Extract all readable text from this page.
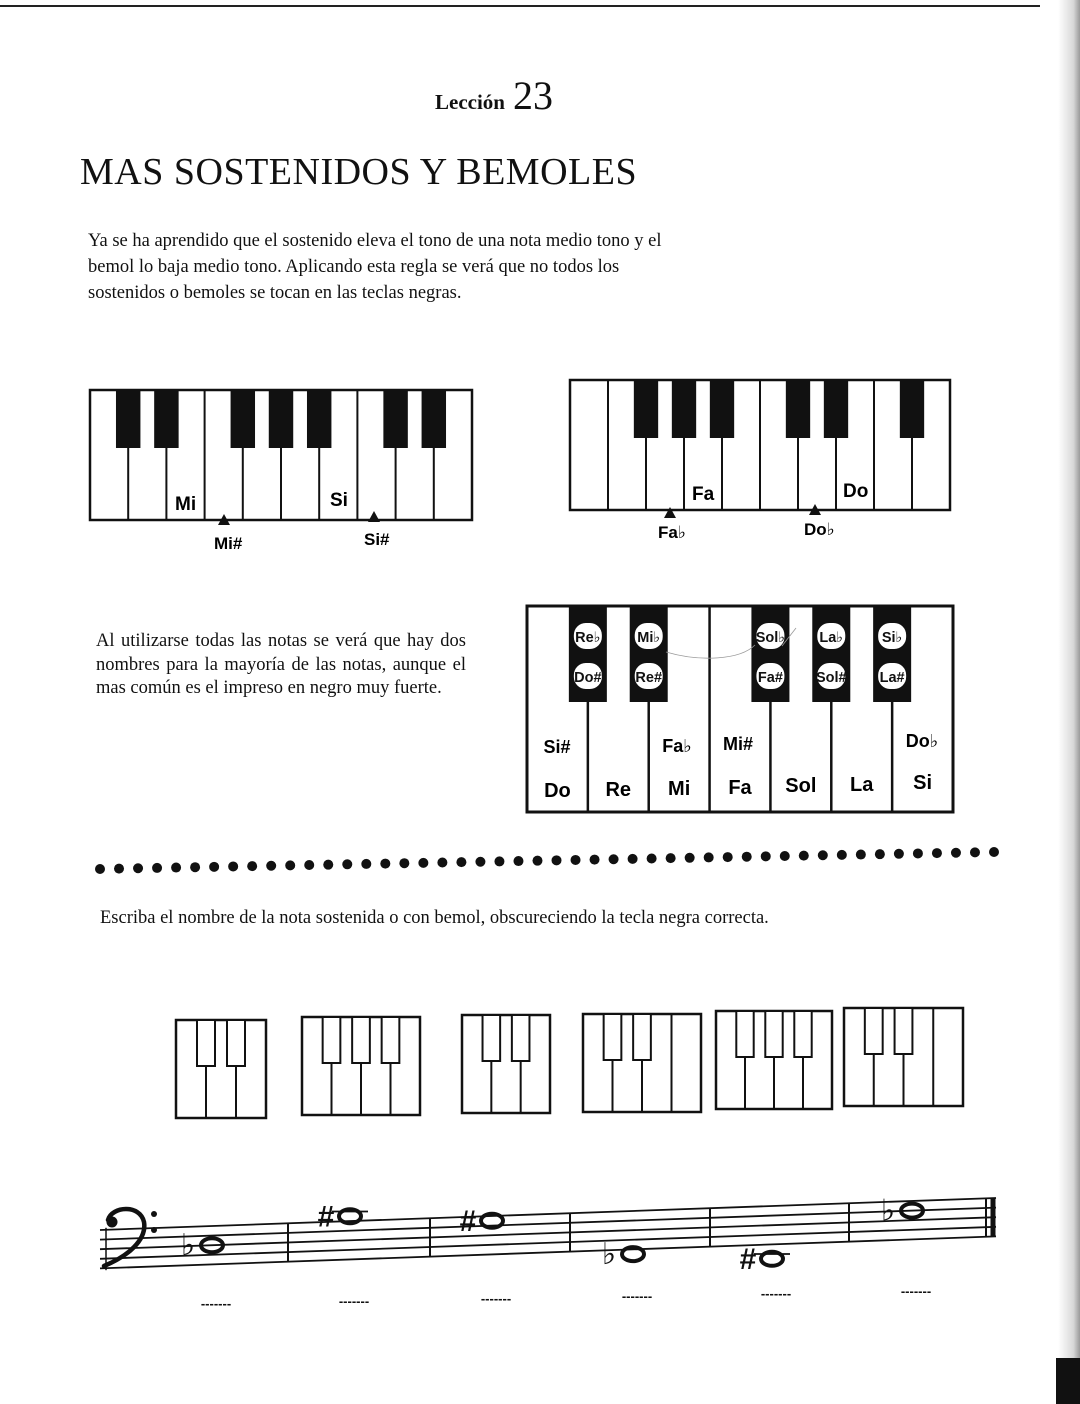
Lección 23
MAS SOSTENIDOS Y BEMOLES
Ya se ha aprendido que el sostenido eleva el tono de una nota medio tono y el bemol lo baja medio tono. Aplicando esta regla se verá que no todos los sostenidos o bemoles se tocan en las teclas negras.
Al utilizarse todas las notas se verá que hay dos nombres para la mayoría de las notas, aunque el mas común es el impreso en negro muy fuerte.
Escriba el nombre de la nota sostenida o con bemol, obscureciendo la tecla negra correcta.
Mi	Si
Mi#	Si#
Fa	Do
Fa♭	Do♭
Re♭	Mi♭	Sol♭ La♭	Si♭
Do# Re#	Fa# Sol# La#
Si#	Fa♭ Mi#	Do♭
Do Re Mi Fa Sol La Si
♭
#	#
♭	#
♭
-------	-------	-------	-------	-------	-------
